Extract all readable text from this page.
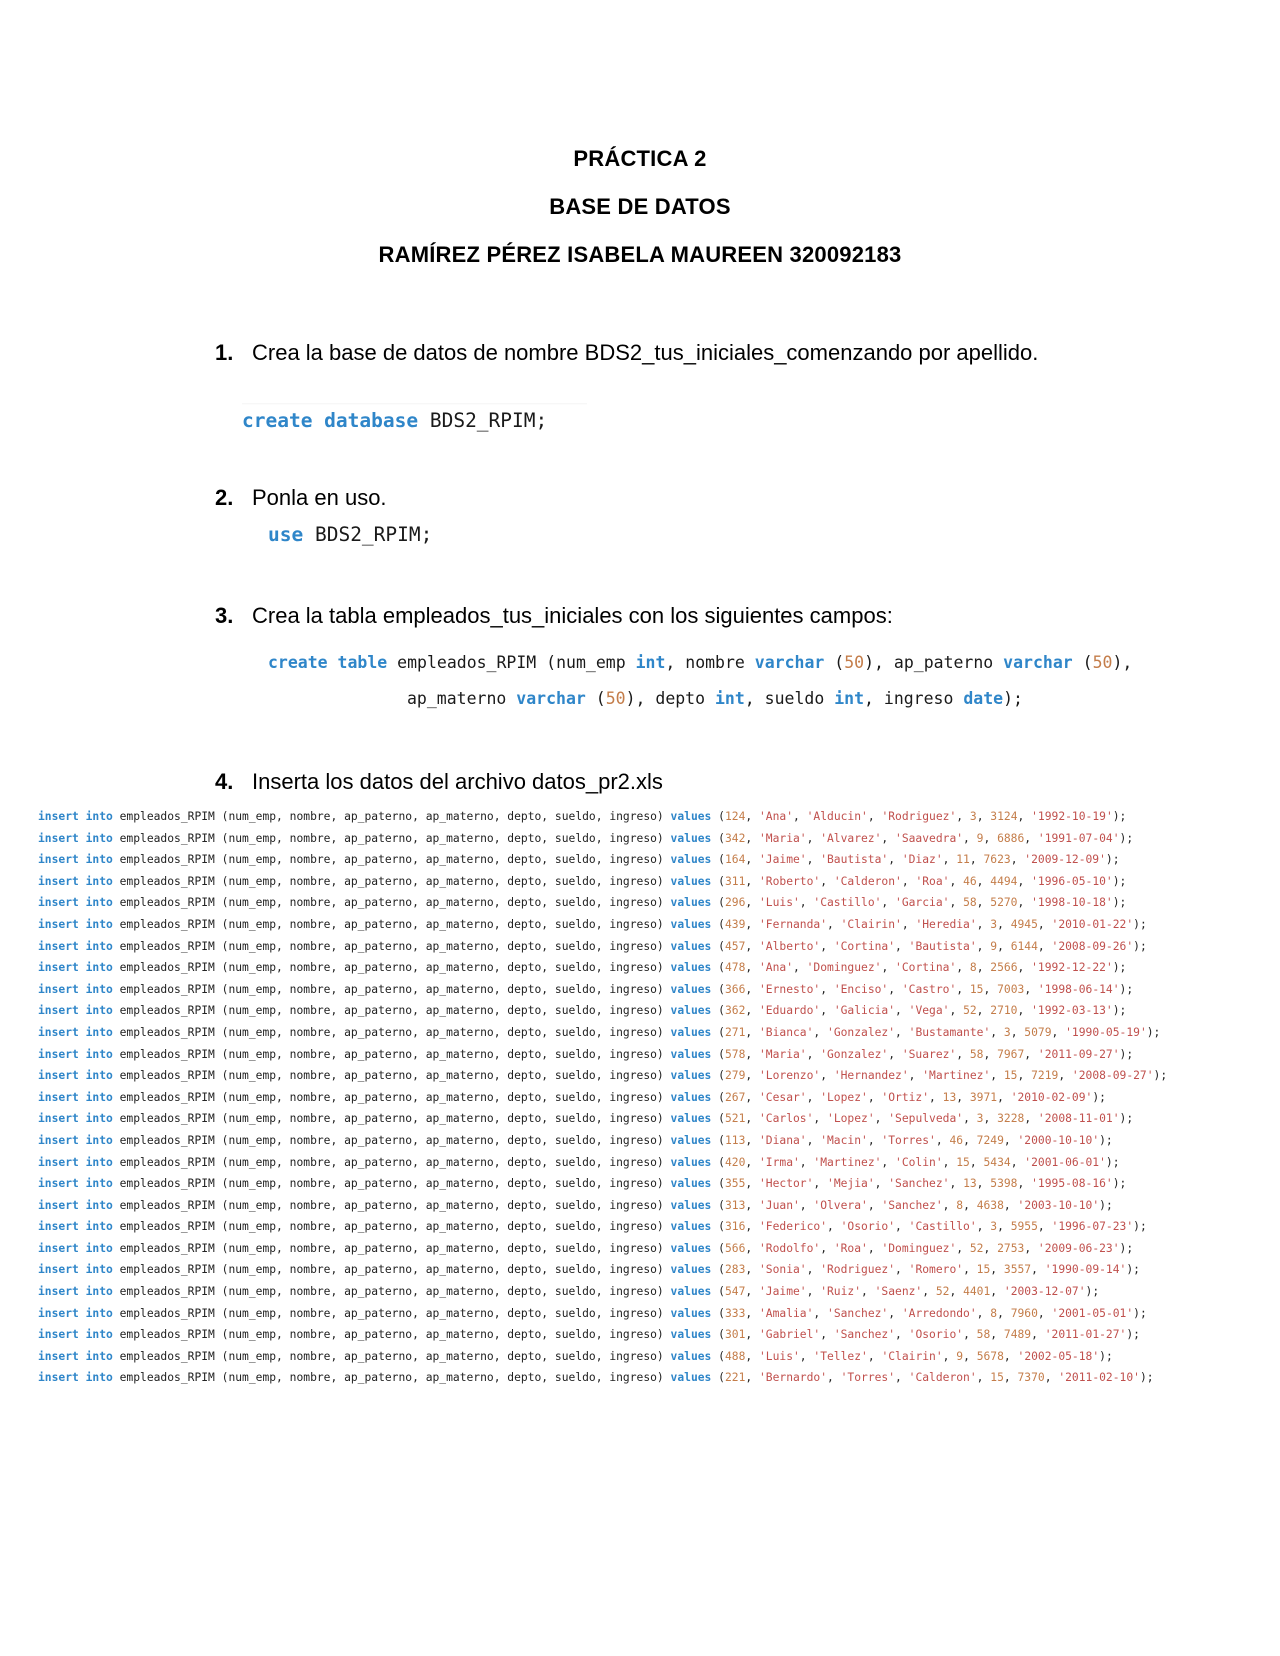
PRÁCTICA 2
BASE DE DATOS
RAMÍREZ PÉREZ ISABELA MAUREEN 320092183
1. Crea la base de datos de nombre BDS2_tus_iniciales_comenzando por apellido.
create database BDS2_RPIM;
2. Ponla en uso.
use BDS2_RPIM;
3. Crea la tabla empleados_tus_iniciales con los siguientes campos:
create table empleados_RPIM (num_emp int, nombre varchar (50), ap_paterno varchar (50),
ap_materno varchar (50), depto int, sueldo int, ingreso date);
4. Inserta los datos del archivo datos_pr2.xls
insert into empleados_RPIM (num_emp, nombre, ap_paterno, ap_materno, depto, sueldo, ingreso) values (124, 'Ana', 'Alducin', 'Rodriguez', 3, 3124, '1992-10-19');
insert into empleados_RPIM (num_emp, nombre, ap_paterno, ap_materno, depto, sueldo, ingreso) values (342, 'Maria', 'Alvarez', 'Saavedra', 9, 6886, '1991-07-04');
insert into empleados_RPIM (num_emp, nombre, ap_paterno, ap_materno, depto, sueldo, ingreso) values (164, 'Jaime', 'Bautista', 'Diaz', 11, 7623, '2009-12-09');
insert into empleados_RPIM (num_emp, nombre, ap_paterno, ap_materno, depto, sueldo, ingreso) values (311, 'Roberto', 'Calderon', 'Roa', 46, 4494, '1996-05-10');
insert into empleados_RPIM (num_emp, nombre, ap_paterno, ap_materno, depto, sueldo, ingreso) values (296, 'Luis', 'Castillo', 'Garcia', 58, 5270, '1998-10-18');
insert into empleados_RPIM (num_emp, nombre, ap_paterno, ap_materno, depto, sueldo, ingreso) values (439, 'Fernanda', 'Clairin', 'Heredia', 3, 4945, '2010-01-22');
insert into empleados_RPIM (num_emp, nombre, ap_paterno, ap_materno, depto, sueldo, ingreso) values (457, 'Alberto', 'Cortina', 'Bautista', 9, 6144, '2008-09-26');
insert into empleados_RPIM (num_emp, nombre, ap_paterno, ap_materno, depto, sueldo, ingreso) values (478, 'Ana', 'Dominguez', 'Cortina', 8, 2566, '1992-12-22');
insert into empleados_RPIM (num_emp, nombre, ap_paterno, ap_materno, depto, sueldo, ingreso) values (366, 'Ernesto', 'Enciso', 'Castro', 15, 7003, '1998-06-14');
insert into empleados_RPIM (num_emp, nombre, ap_paterno, ap_materno, depto, sueldo, ingreso) values (362, 'Eduardo', 'Galicia', 'Vega', 52, 2710, '1992-03-13');
insert into empleados_RPIM (num_emp, nombre, ap_paterno, ap_materno, depto, sueldo, ingreso) values (271, 'Bianca', 'Gonzalez', 'Bustamante', 3, 5079, '1990-05-19');
insert into empleados_RPIM (num_emp, nombre, ap_paterno, ap_materno, depto, sueldo, ingreso) values (578, 'Maria', 'Gonzalez', 'Suarez', 58, 7967, '2011-09-27');
insert into empleados_RPIM (num_emp, nombre, ap_paterno, ap_materno, depto, sueldo, ingreso) values (279, 'Lorenzo', 'Hernandez', 'Martinez', 15, 7219, '2008-09-27');
insert into empleados_RPIM (num_emp, nombre, ap_paterno, ap_materno, depto, sueldo, ingreso) values (267, 'Cesar', 'Lopez', 'Ortiz', 13, 3971, '2010-02-09');
insert into empleados_RPIM (num_emp, nombre, ap_paterno, ap_materno, depto, sueldo, ingreso) values (521, 'Carlos', 'Lopez', 'Sepulveda', 3, 3228, '2008-11-01');
insert into empleados_RPIM (num_emp, nombre, ap_paterno, ap_materno, depto, sueldo, ingreso) values (113, 'Diana', 'Macin', 'Torres', 46, 7249, '2000-10-10');
insert into empleados_RPIM (num_emp, nombre, ap_paterno, ap_materno, depto, sueldo, ingreso) values (420, 'Irma', 'Martinez', 'Colin', 15, 5434, '2001-06-01');
insert into empleados_RPIM (num_emp, nombre, ap_paterno, ap_materno, depto, sueldo, ingreso) values (355, 'Hector', 'Mejia', 'Sanchez', 13, 5398, '1995-08-16');
insert into empleados_RPIM (num_emp, nombre, ap_paterno, ap_materno, depto, sueldo, ingreso) values (313, 'Juan', 'Olvera', 'Sanchez', 8, 4638, '2003-10-10');
insert into empleados_RPIM (num_emp, nombre, ap_paterno, ap_materno, depto, sueldo, ingreso) values (316, 'Federico', 'Osorio', 'Castillo', 3, 5955, '1996-07-23');
insert into empleados_RPIM (num_emp, nombre, ap_paterno, ap_materno, depto, sueldo, ingreso) values (566, 'Rodolfo', 'Roa', 'Dominguez', 52, 2753, '2009-06-23');
insert into empleados_RPIM (num_emp, nombre, ap_paterno, ap_materno, depto, sueldo, ingreso) values (283, 'Sonia', 'Rodriguez', 'Romero', 15, 3557, '1990-09-14');
insert into empleados_RPIM (num_emp, nombre, ap_paterno, ap_materno, depto, sueldo, ingreso) values (547, 'Jaime', 'Ruiz', 'Saenz', 52, 4401, '2003-12-07');
insert into empleados_RPIM (num_emp, nombre, ap_paterno, ap_materno, depto, sueldo, ingreso) values (333, 'Amalia', 'Sanchez', 'Arredondo', 8, 7960, '2001-05-01');
insert into empleados_RPIM (num_emp, nombre, ap_paterno, ap_materno, depto, sueldo, ingreso) values (301, 'Gabriel', 'Sanchez', 'Osorio', 58, 7489, '2011-01-27');
insert into empleados_RPIM (num_emp, nombre, ap_paterno, ap_materno, depto, sueldo, ingreso) values (488, 'Luis', 'Tellez', 'Clairin', 9, 5678, '2002-05-18');
insert into empleados_RPIM (num_emp, nombre, ap_paterno, ap_materno, depto, sueldo, ingreso) values (221, 'Bernardo', 'Torres', 'Calderon', 15, 7370, '2011-02-10');
